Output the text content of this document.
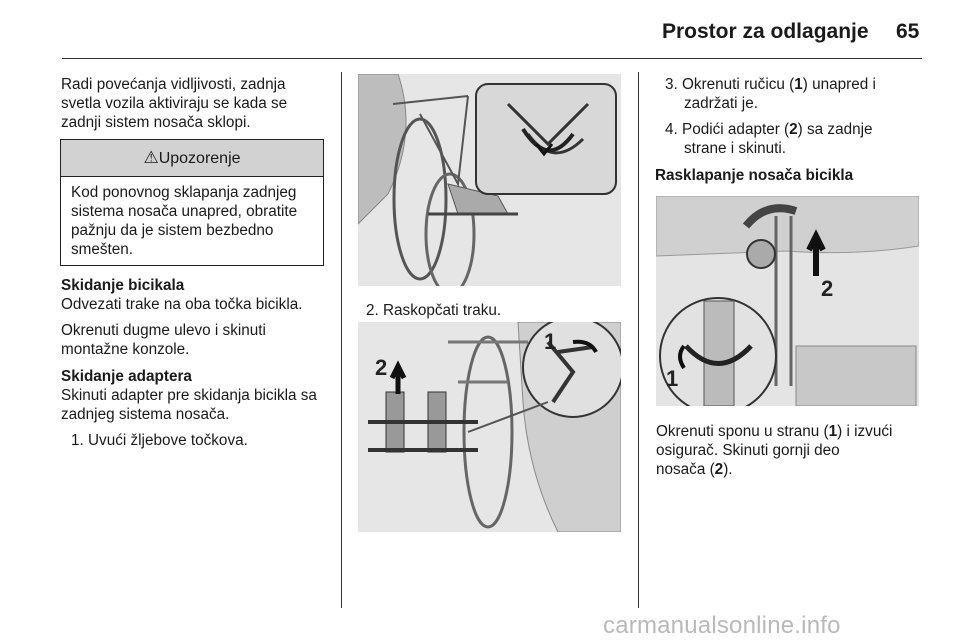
Prostor za odlaganje 65

Radi povećanja vidljivosti, zadnja

svetla vozila aktiviraju se kada se

zadnji sistem nosača sklopi.

⚠Upozorenje

Kod ponovnog sklapanja zadnjeg

sistema nosača unapred, obratite

pažnju da je sistem bezbedno

smešten.

Skidanje bicikala

Odvezati trake na oba točka bicikla.

Okrenuti dugme ulevo i skinuti

montažne konzole.

Skidanje adaptera

Skinuti adapter pre skidanja bicikla sa

zadnjeg sistema nosača.

1. Uvući žljebove točkova.

2. Raskopčati traku.

2
1

3. Okrenuti ručicu (1) unapred i

zadržati je.

4. Podići adapter (2) sa zadnje

strane i skinuti.

Rasklapanje nosača bicikla
2
1

Okrenuti sponu u stranu (1) i izvući

osigurač. Skinuti gornji deo

nosača (2).

carmanualsonline.info
